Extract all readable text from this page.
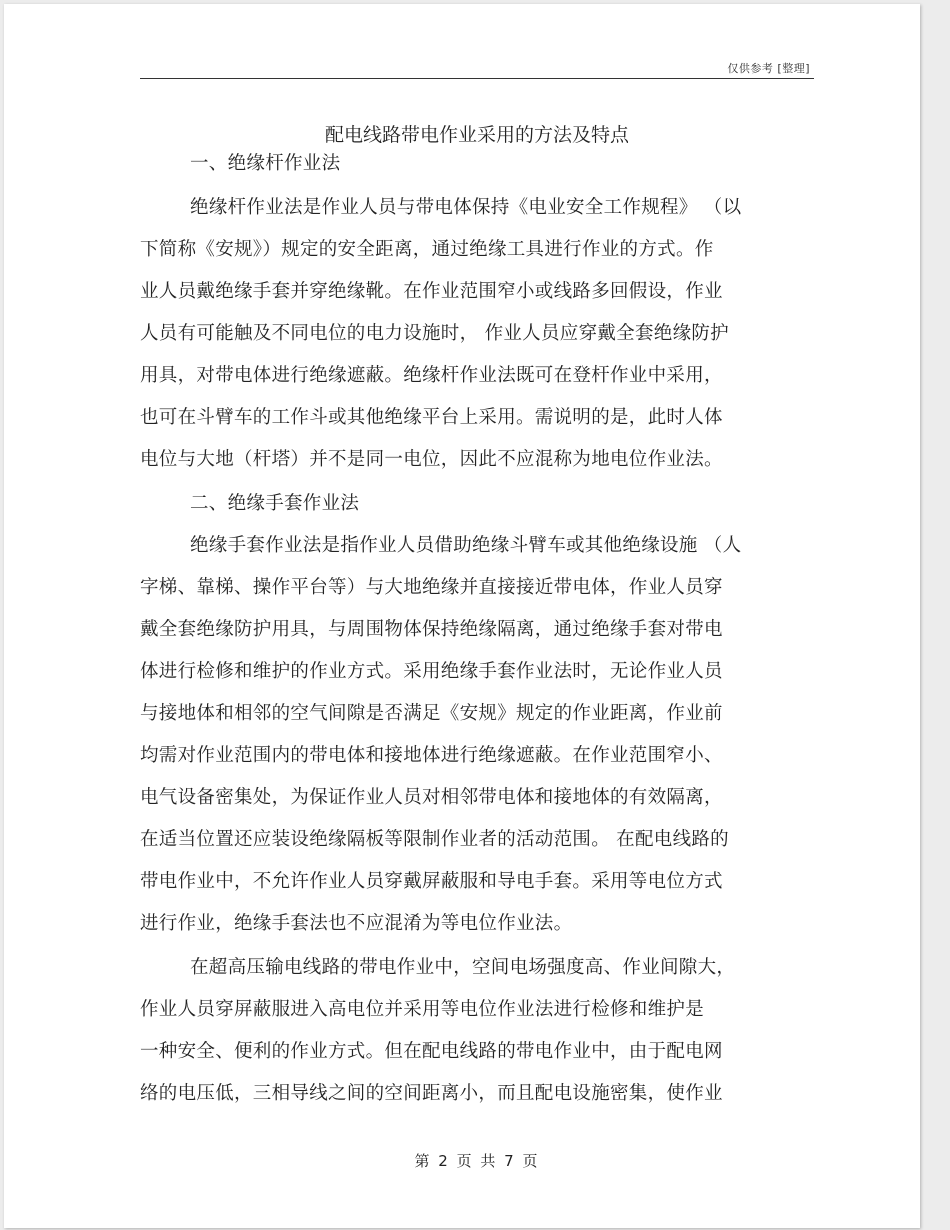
仅供参考 [整理]
配电线路带电作业采用的方法及特点
一、绝缘杆作业法
绝缘杆作业法是作业人员与带电体保持《电业安全工作规程》 （以
下简称《安规》）规定的安全距离，通过绝缘工具进行作业的方式。作
业人员戴绝缘手套并穿绝缘靴。在作业范围窄小或线路多回假设，作业
人员有可能触及不同电位的电力设施时， 作业人员应穿戴全套绝缘防护
用具，对带电体进行绝缘遮蔽。绝缘杆作业法既可在登杆作业中采用，
也可在斗臂车的工作斗或其他绝缘平台上采用。需说明的是，此时人体
电位与大地（杆塔）并不是同一电位，因此不应混称为地电位作业法。
二、绝缘手套作业法
绝缘手套作业法是指作业人员借助绝缘斗臂车或其他绝缘设施 （人
字梯、靠梯、操作平台等）与大地绝缘并直接接近带电体，作业人员穿
戴全套绝缘防护用具，与周围物体保持绝缘隔离，通过绝缘手套对带电
体进行检修和维护的作业方式。采用绝缘手套作业法时，无论作业人员
与接地体和相邻的空气间隙是否满足《安规》规定的作业距离，作业前
均需对作业范围内的带电体和接地体进行绝缘遮蔽。在作业范围窄小、
电气设备密集处，为保证作业人员对相邻带电体和接地体的有效隔离，
在适当位置还应装设绝缘隔板等限制作业者的活动范围。 在配电线路的
带电作业中，不允许作业人员穿戴屏蔽服和导电手套。采用等电位方式
进行作业，绝缘手套法也不应混淆为等电位作业法。
在超高压输电线路的带电作业中，空间电场强度高、作业间隙大，
作业人员穿屏蔽服进入高电位并采用等电位作业法进行检修和维护是
一种安全、便利的作业方式。但在配电线路的带电作业中，由于配电网
络的电压低，三相导线之间的空间距离小，而且配电设施密集，使作业
第 2 页 共 7 页
